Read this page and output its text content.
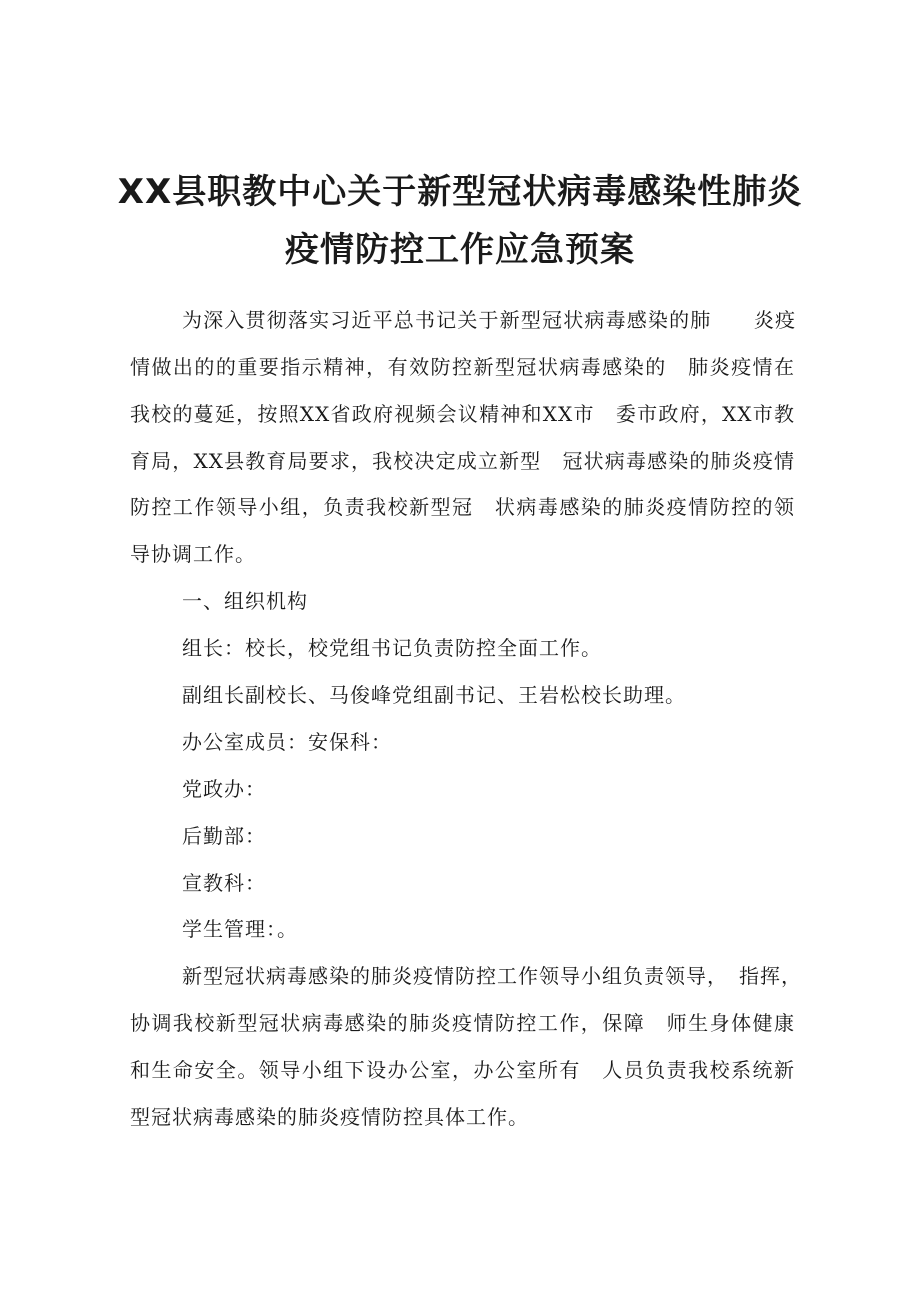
XX县职教中心关于新型冠状病毒感染性肺炎
疫情防控工作应急预案
为深入贯彻落实习近平总书记关于新型冠状病毒感染的肺　　炎疫
情做出的的重要指示精神，有效防控新型冠状病毒感染的　肺炎疫情在
我校的蔓延，按照XX省政府视频会议精神和XX市　委市政府，XX市教
育局，XX县教育局要求，我校决定成立新型　冠状病毒感染的肺炎疫情
防控工作领导小组，负责我校新型冠　状病毒感染的肺炎疫情防控的领
导协调工作。
一、组织机构
组长：校长，校党组书记负责防控全面工作。
副组长副校长、马俊峰党组副书记、王岩松校长助理。
办公室成员：安保科：
党政办：
后勤部：
宣教科：
学生管理：。
新型冠状病毒感染的肺炎疫情防控工作领导小组负责领导，　指挥，
协调我校新型冠状病毒感染的肺炎疫情防控工作，保障　师生身体健康
和生命安全。领导小组下设办公室，办公室所有　人员负责我校系统新
型冠状病毒感染的肺炎疫情防控具体工作。
